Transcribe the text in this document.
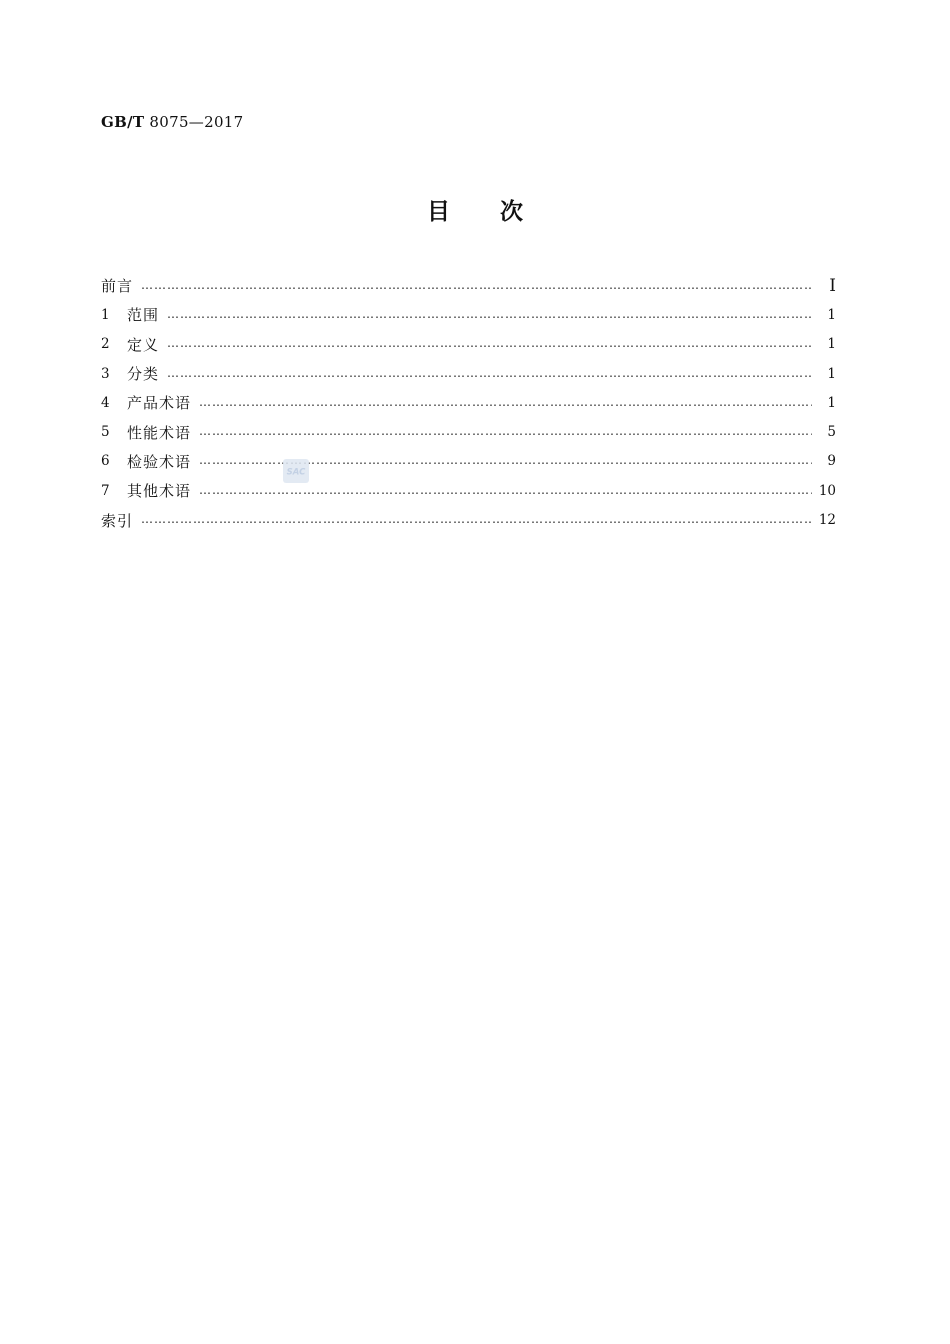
GB/T 8075—2017
目 次
前言 ……………………………………………………………………………………………………………………………………………………………………………………	Ⅰ
1	范围 ……………………………………………………………………………………………………………………………………………………………………………………	1
2	定义 ……………………………………………………………………………………………………………………………………………………………………………………	1
3	分类 ……………………………………………………………………………………………………………………………………………………………………………………	1
4	产品术语 ……………………………………………………………………………………………………………………………………………………………………………………	1
5	性能术语 ……………………………………………………………………………………………………………………………………………………………………………………	5
6	检验术语 ……………………………………………………………………………………………………………………………………………………………………………………	9
7	其他术语 ……………………………………………………………………………………………………………………………………………………………………………………	10
索引 ……………………………………………………………………………………………………………………………………………………………………………………	12
SAC
